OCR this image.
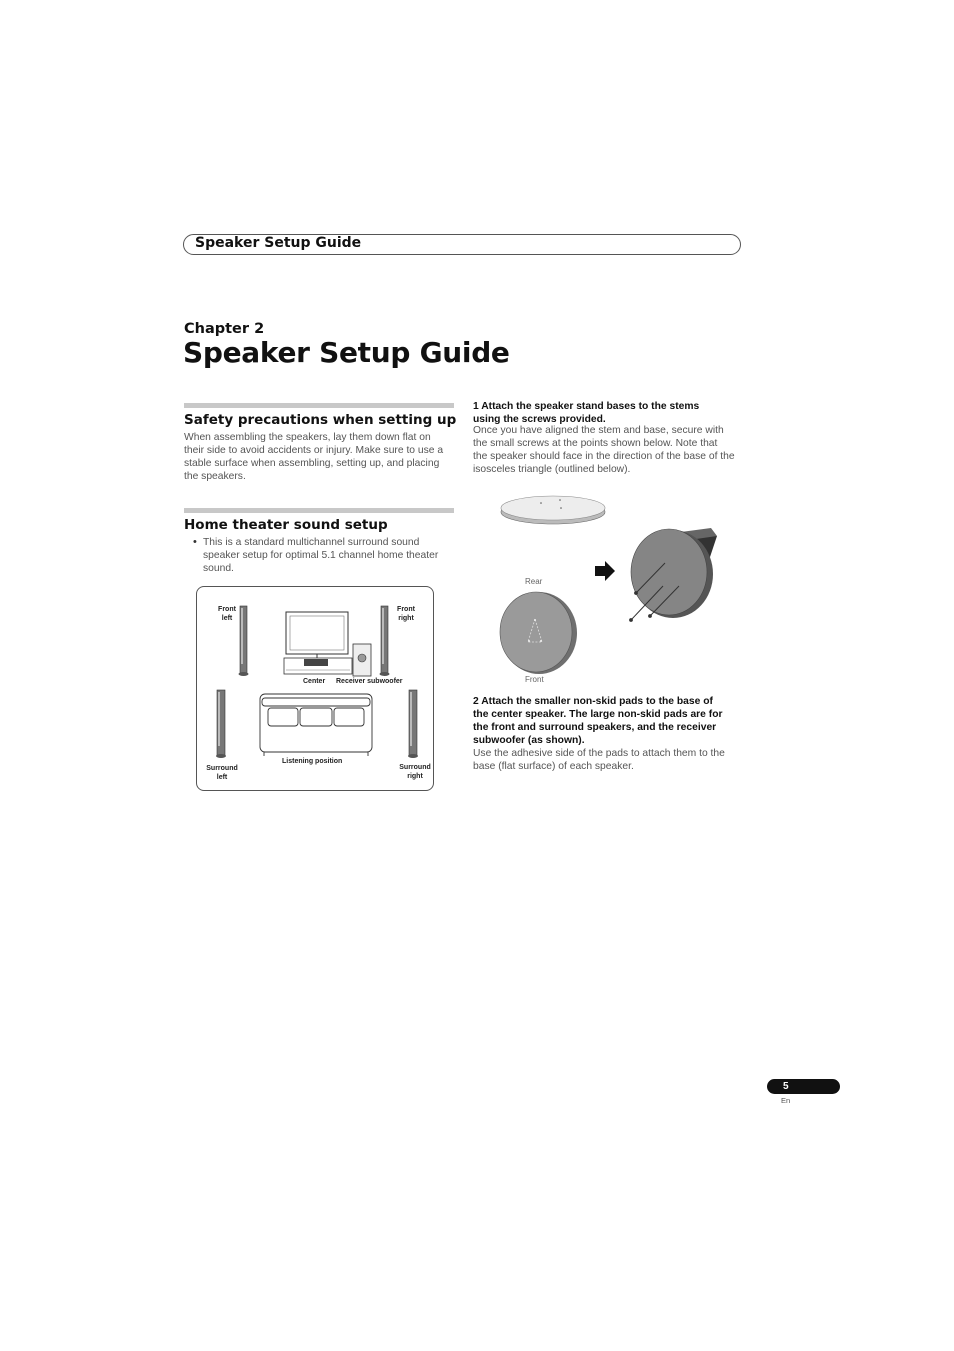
Speaker Setup Guide
Chapter 2
Speaker Setup Guide
Safety precautions when setting up
When assembling the speakers, lay them down flat on
their side to avoid accidents or injury. Make sure to use a
stable surface when assembling, setting up, and placing
the speakers.
Home theater sound setup
• This is a standard multichannel surround sound
speaker setup for optimal 5.1 channel home theater
sound.
Front
left
Front
right
Center Receiver subwoofer
Listening position
Surround
left
Surround
right
1 Attach the speaker stand bases to the stems
using the screws provided.
Once you have aligned the stem and base, secure with
the small screws at the points shown below. Note that
the speaker should face in the direction of the base of the
isosceles triangle (outlined below).
Rear
Front
2 Attach the smaller non-skid pads to the base of
the center speaker. The large non-skid pads are for
the front and surround speakers, and the receiver
subwoofer (as shown).
Use the adhesive side of the pads to attach them to the
base (flat surface) of each speaker.
5
En
